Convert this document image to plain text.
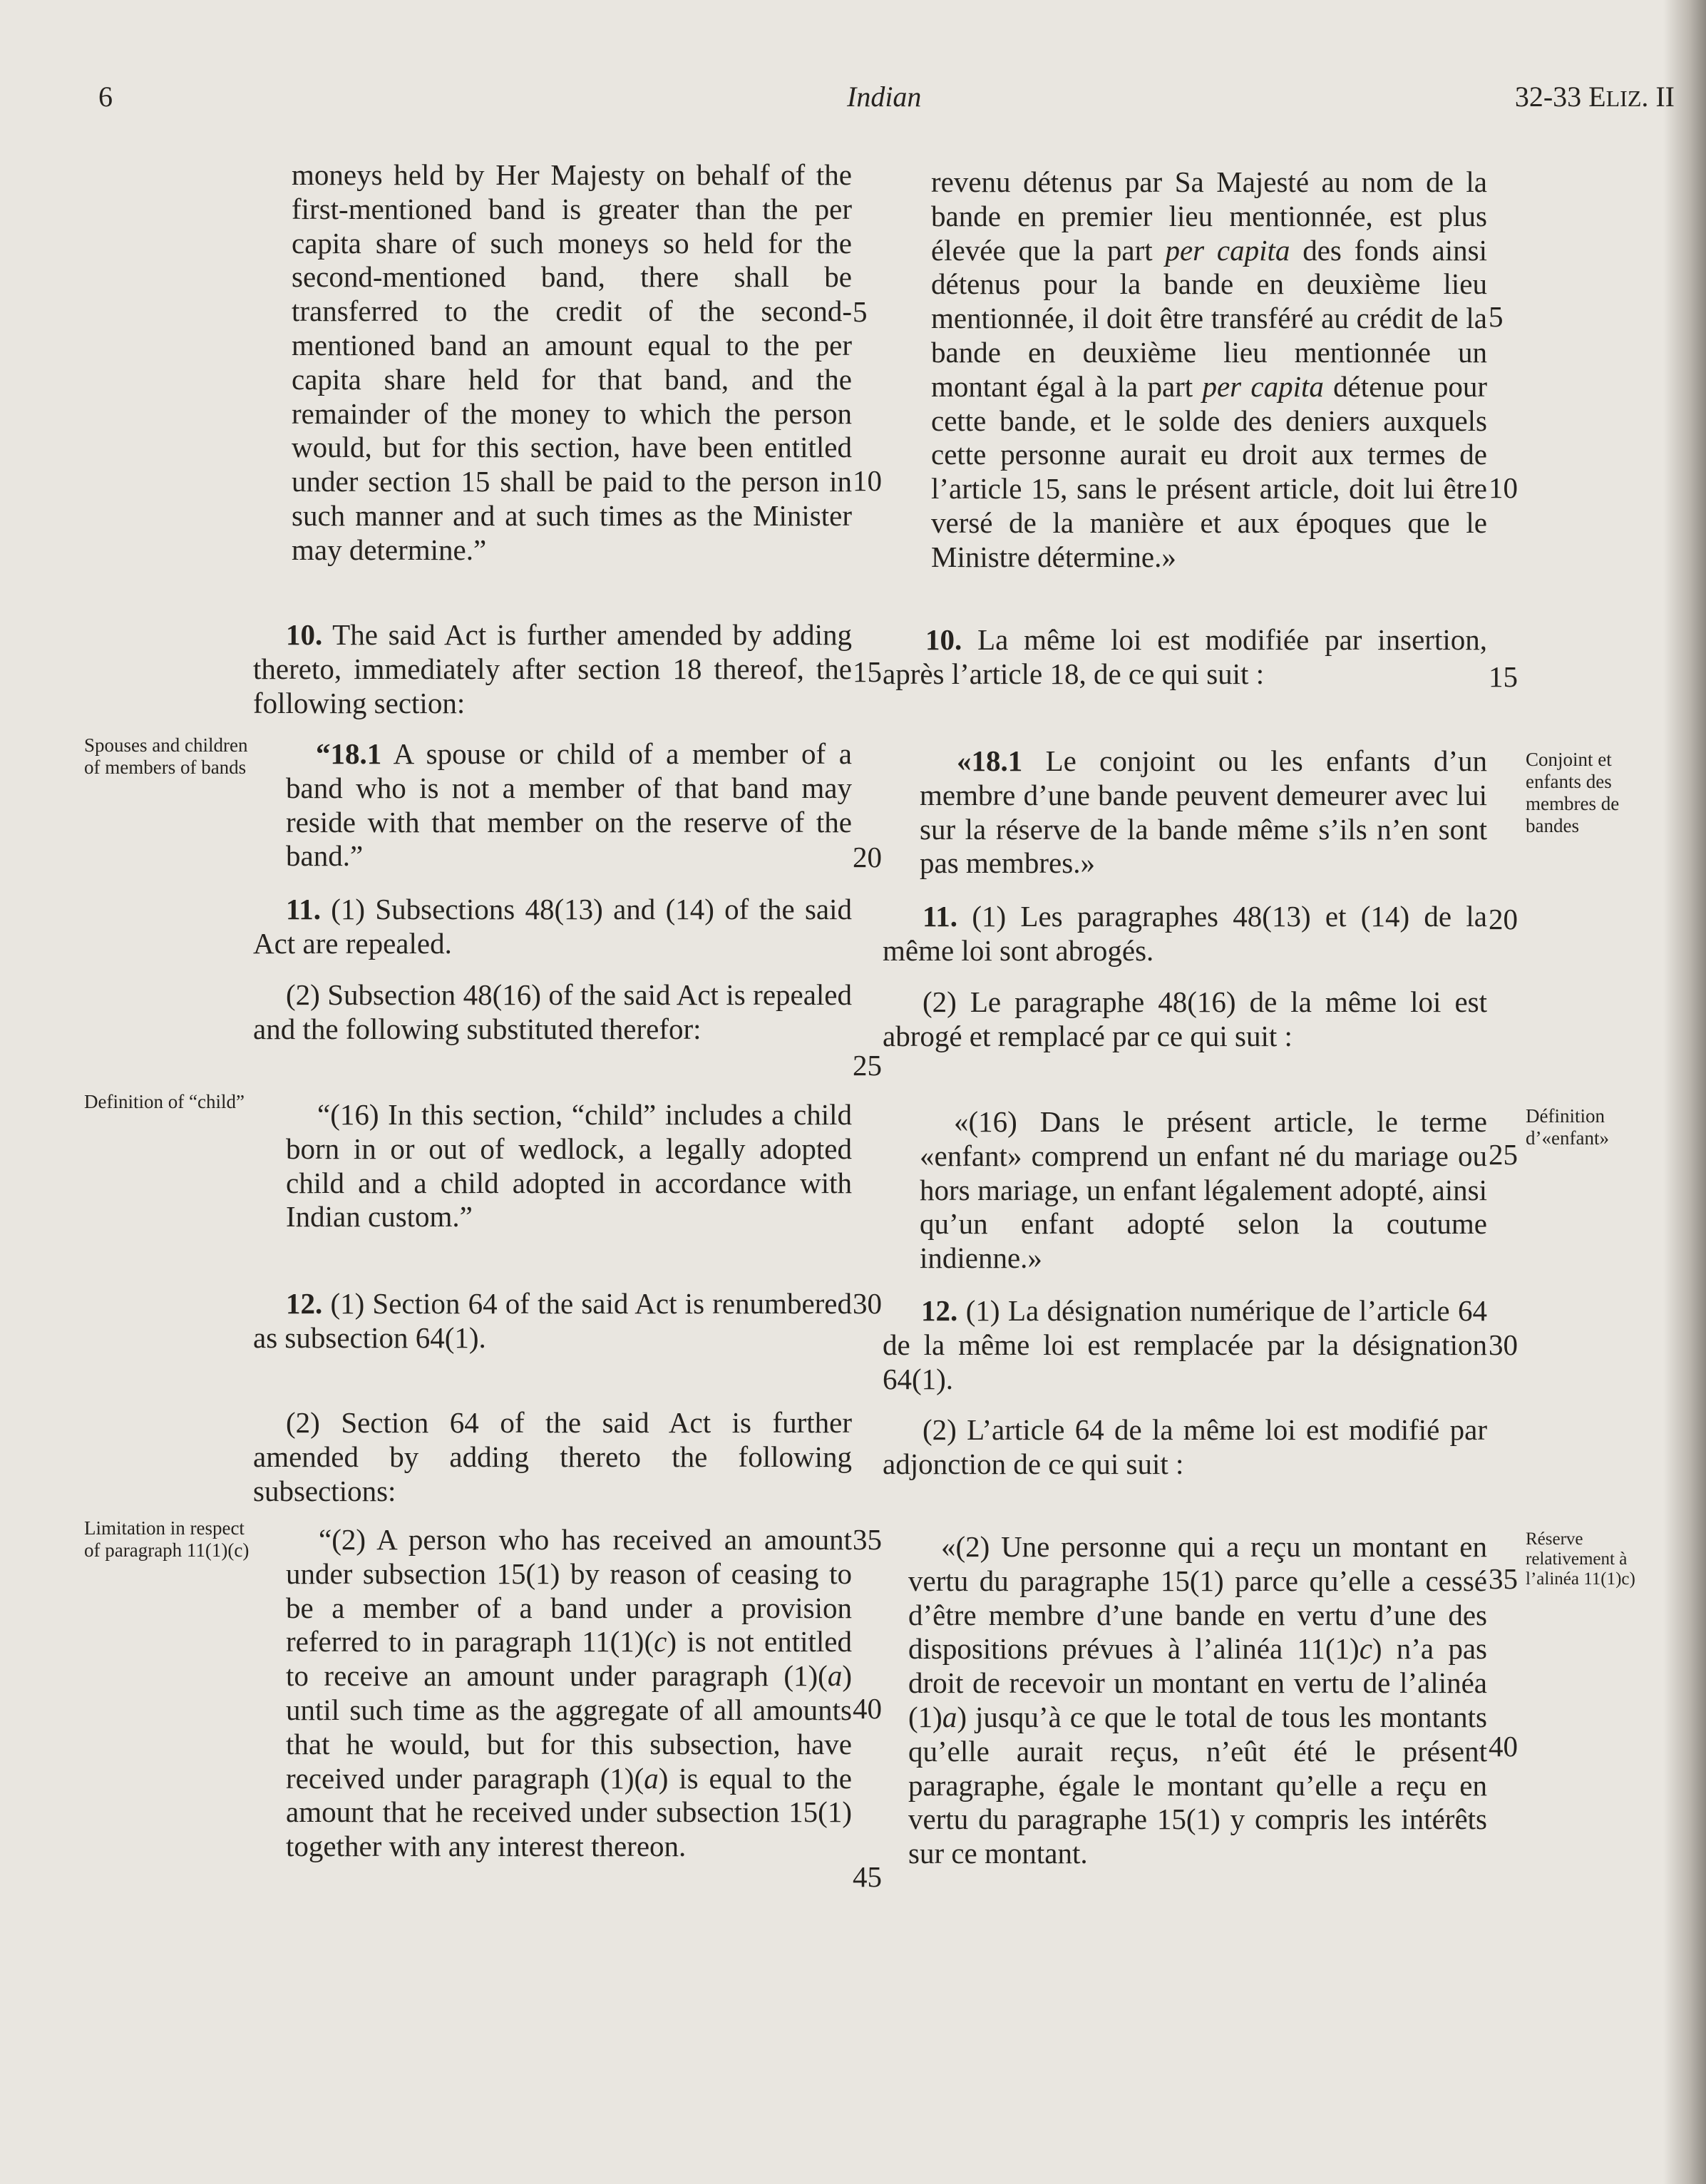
6	Indian	32-33 ELIZ. II

moneys held by Her Majesty on behalf of the first-mentioned band is greater than the per capita share of such moneys so held for the second-mentioned band, there shall be transferred to the credit of the second-mentioned band an amount equal to the per capita share held for that band, and the remainder of the money to which the person would, but for this section, have been entitled under section 15 shall be paid to the person in such manner and at such times as the Minister may determine.”

10. The said Act is further amended by adding thereto, immediately after section 18 thereof, the following section:

“18.1 A spouse or child of a member of a band who is not a member of that band may reside with that member on the reserve of the band.”

11. (1) Subsections 48(13) and (14) of the said Act are repealed.

(2) Subsection 48(16) of the said Act is repealed and the following substituted therefor:

“(16) In this section, “child” includes a child born in or out of wedlock, a legally adopted child and a child adopted in accordance with Indian custom.”

12. (1) Section 64 of the said Act is renumbered as subsection 64(1).

(2) Section 64 of the said Act is further amended by adding thereto the following subsections:

“(2) A person who has received an amount under subsection 15(1) by reason of ceasing to be a member of a band under a provision referred to in paragraph 11(1)(c) is not entitled to receive an amount under paragraph (1)(a) until such time as the aggregate of all amounts that he would, but for this subsection, have received under paragraph (1)(a) is equal to the amount that he received under subsection 15(1) together with any interest thereon.

revenu détenus par Sa Majesté au nom de la bande en premier lieu mentionnée, est plus élevée que la part per capita des fonds ainsi détenus pour la bande en deuxième lieu mentionnée, il doit être transféré au crédit de la bande en deuxième lieu mentionnée un montant égal à la part per capita détenue pour cette bande, et le solde des deniers auxquels cette personne aurait eu droit aux termes de l’article 15, sans le présent article, doit lui être versé de la manière et aux époques que le Ministre détermine.»

10. La même loi est modifiée par insertion, après l’article 18, de ce qui suit :

«18.1 Le conjoint ou les enfants d’un membre d’une bande peuvent demeurer avec lui sur la réserve de la bande même s’ils n’en sont pas membres.»

11. (1) Les paragraphes 48(13) et (14) de la même loi sont abrogés.

(2) Le paragraphe 48(16) de la même loi est abrogé et remplacé par ce qui suit :

«(16) Dans le présent article, le terme «enfant» comprend un enfant né du mariage ou hors mariage, un enfant légalement adopté, ainsi qu’un enfant adopté selon la coutume indienne.»

12. (1) La désignation numérique de l’article 64 de la même loi est remplacée par la désignation 64(1).

(2) L’article 64 de la même loi est modifié par adjonction de ce qui suit :

«(2) Une personne qui a reçu un montant en vertu du paragraphe 15(1) parce qu’elle a cessé d’être membre d’une bande en vertu d’une des dispositions prévues à l’alinéa 11(1)c) n’a pas droit de recevoir un montant en vertu de l’alinéa (1)a) jusqu’à ce que le total de tous les montants qu’elle aurait reçus, n’eût été le présent paragraphe, égale le montant qu’elle a reçu en vertu du paragraphe 15(1) y compris les intérêts sur ce montant.

5
10
15
20
25
30
35
40
45
5
10
15
20
25
30
35
40
Spouses and children of members of bands
Definition of “child”
Limitation in respect of paragraph 11(1)(c)
Conjoint et enfants des membres de bandes
Définition d’«enfant»
Réserve relativement à l’alinéa 11(1)c)
